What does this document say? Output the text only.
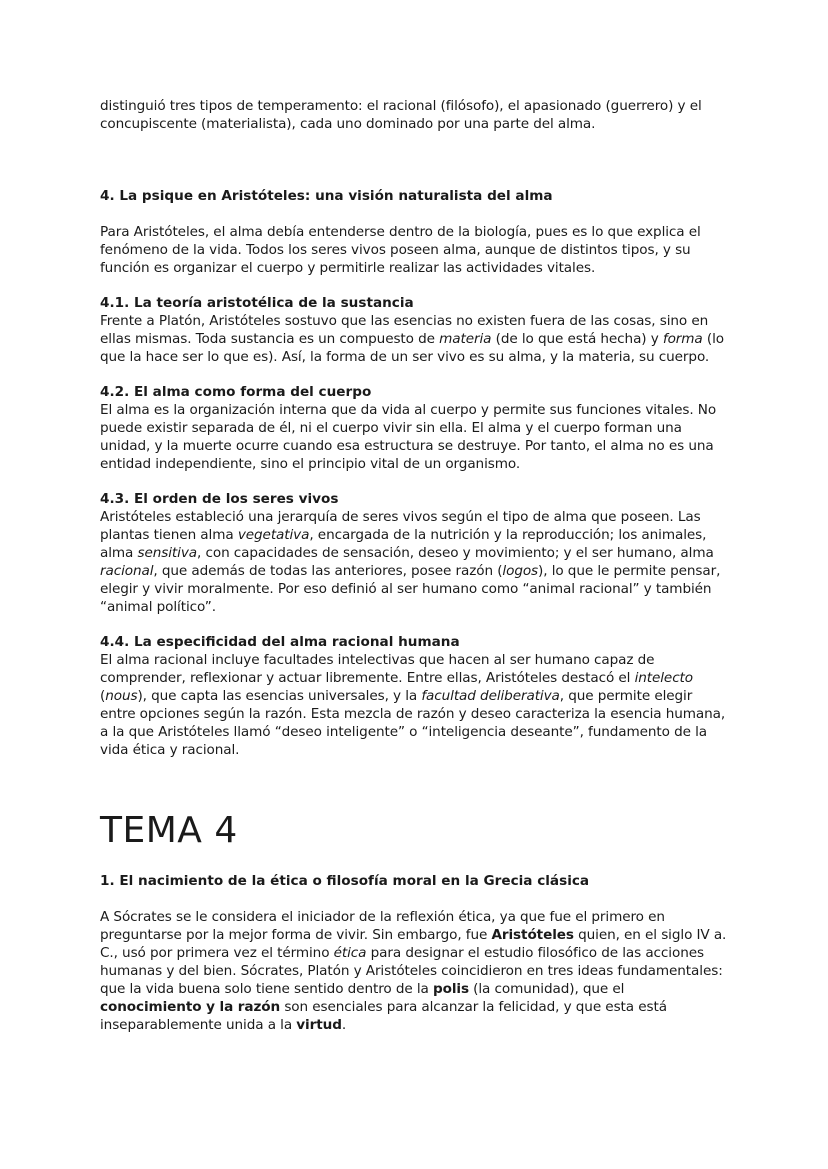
distinguió tres tipos de temperamento: el racional (filósofo), el apasionado (guerrero) y el concupiscente (materialista), cada uno dominado por una parte del alma.

4. La psique en Aristóteles: una visión naturalista del alma

Para Aristóteles, el alma debía entenderse dentro de la biología, pues es lo que explica el fenómeno de la vida. Todos los seres vivos poseen alma, aunque de distintos tipos, y su función es organizar el cuerpo y permitirle realizar las actividades vitales.

4.1. La teoría aristotélica de la sustancia

Frente a Platón, Aristóteles sostuvo que las esencias no existen fuera de las cosas, sino en ellas mismas. Toda sustancia es un compuesto de materia (de lo que está hecha) y forma (lo que la hace ser lo que es). Así, la forma de un ser vivo es su alma, y la materia, su cuerpo.

4.2. El alma como forma del cuerpo

El alma es la organización interna que da vida al cuerpo y permite sus funciones vitales. No puede existir separada de él, ni el cuerpo vivir sin ella. El alma y el cuerpo forman una unidad, y la muerte ocurre cuando esa estructura se destruye. Por tanto, el alma no es una entidad independiente, sino el principio vital de un organismo.

4.3. El orden de los seres vivos

Aristóteles estableció una jerarquía de seres vivos según el tipo de alma que poseen. Las plantas tienen alma vegetativa, encargada de la nutrición y la reproducción; los animales, alma sensitiva, con capacidades de sensación, deseo y movimiento; y el ser humano, alma racional, que además de todas las anteriores, posee razón (logos), lo que le permite pensar, elegir y vivir moralmente. Por eso definió al ser humano como “animal racional” y también “animal político”.

4.4. La especificidad del alma racional humana

El alma racional incluye facultades intelectivas que hacen al ser humano capaz de comprender, reflexionar y actuar libremente. Entre ellas, Aristóteles destacó el intelecto (nous), que capta las esencias universales, y la facultad deliberativa, que permite elegir entre opciones según la razón. Esta mezcla de razón y deseo caracteriza la esencia humana, a la que Aristóteles llamó “deseo inteligente” o “inteligencia deseante”, fundamento de la vida ética y racional.

TEMA 4
1. El nacimiento de la ética o filosofía moral en la Grecia clásica

A Sócrates se le considera el iniciador de la reflexión ética, ya que fue el primero en preguntarse por la mejor forma de vivir. Sin embargo, fue Aristóteles quien, en el siglo IV a. C., usó por primera vez el término ética para designar el estudio filosófico de las acciones humanas y del bien. Sócrates, Platón y Aristóteles coincidieron en tres ideas fundamentales: que la vida buena solo tiene sentido dentro de la polis (la comunidad), que el conocimiento y la razón son esenciales para alcanzar la felicidad, y que esta está inseparablemente unida a la virtud.
